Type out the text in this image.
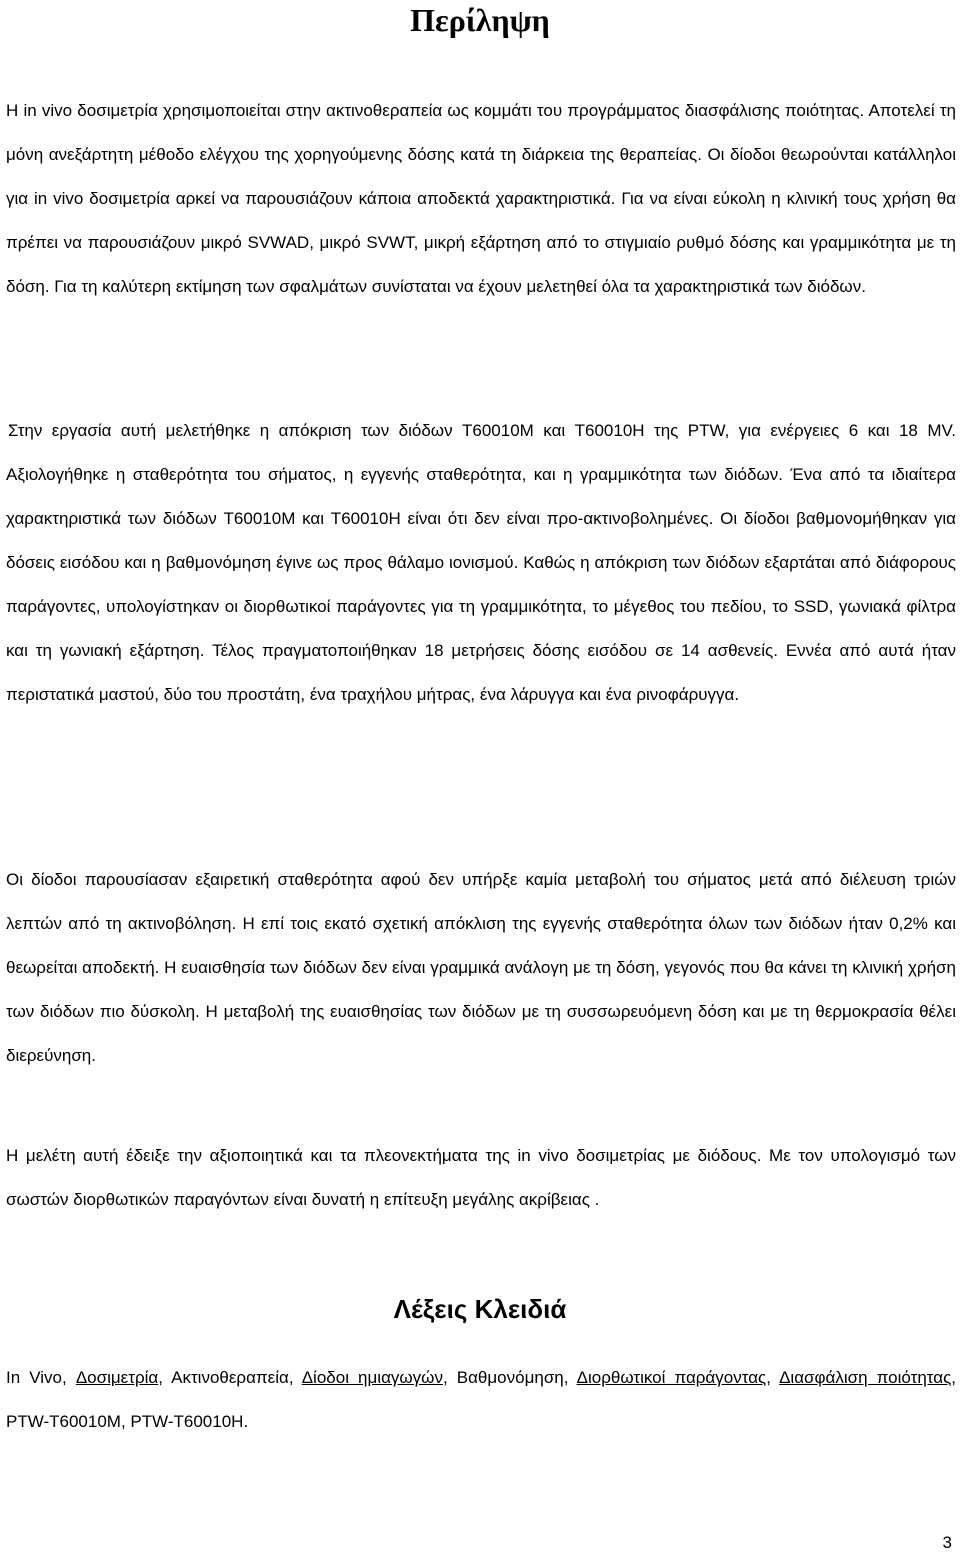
Περίληψη

Η in vivo δοσιμετρία χρησιμοποιείται στην ακτινοθεραπεία ως κομμάτι του προγράμματος διασφάλισης ποιότητας. Αποτελεί τη μόνη ανεξάρτητη μέθοδο ελέγχου της χορηγούμενης δόσης κατά τη διάρκεια της θεραπείας. Οι δίοδοι θεωρούνται κατάλληλοι για in vivo δοσιμετρία αρκεί να παρουσιάζουν κάποια αποδεκτά χαρακτηριστικά. Για να είναι εύκολη η κλινική τους χρήση θα πρέπει να παρουσιάζουν μικρό SVWAD, μικρό SVWT, μικρή εξάρτηση από το στιγμιαίο ρυθμό δόσης και γραμμικότητα με τη δόση. Για τη καλύτερη εκτίμηση των σφαλμάτων συνίσταται να έχουν μελετηθεί όλα τα χαρακτηριστικά των διόδων.

Στην εργασία αυτή μελετήθηκε η απόκριση των διόδων T60010M και T60010H της PTW, για ενέργειες 6 και 18 MV. Αξιολογήθηκε η σταθερότητα του σήματος, η εγγενής σταθερότητα, και η γραμμικότητα των διόδων. Ένα από τα ιδιαίτερα χαρακτηριστικά των διόδων T60010M και T60010H είναι ότι δεν είναι προ-ακτινοβολημένες. Οι δίοδοι βαθμονομήθηκαν για δόσεις εισόδου και η βαθμονόμηση έγινε ως προς θάλαμο ιονισμού. Καθώς η απόκριση των διόδων εξαρτάται από διάφορους παράγοντες, υπολογίστηκαν οι διορθωτικοί παράγοντες για τη γραμμικότητα, το μέγεθος του πεδίου, το SSD, γωνιακά φίλτρα και τη γωνιακή εξάρτηση. Τέλος πραγματοποιήθηκαν 18 μετρήσεις δόσης εισόδου σε 14 ασθενείς. Εννέα από αυτά ήταν περιστατικά μαστού, δύο του προστάτη, ένα τραχήλου μήτρας, ένα λάρυγγα και ένα ρινοφάρυγγα.

Οι δίοδοι παρουσίασαν εξαιρετική σταθερότητα αφού δεν υπήρξε καμία μεταβολή του σήματος μετά από διέλευση τριών λεπτών από τη ακτινοβόληση. Η επί τοις εκατό σχετική απόκλιση της εγγενής σταθερότητα όλων των διόδων ήταν 0,2% και θεωρείται αποδεκτή. Η ευαισθησία των διόδων δεν είναι γραμμικά ανάλογη με τη δόση, γεγονός που θα κάνει τη κλινική χρήση των διόδων πιο δύσκολη. Η μεταβολή της ευαισθησίας των διόδων με τη συσσωρευόμενη δόση και με τη θερμοκρασία θέλει διερεύνηση.

Η μελέτη αυτή έδειξε την αξιοποιητικά και τα πλεονεκτήματα της in vivo δοσιμετρίας με διόδους. Με τον υπολογισμό των σωστών διορθωτικών παραγόντων είναι δυνατή η επίτευξη μεγάλης ακρίβειας .

Λέξεις Κλειδιά

In Vivo, Δοσιμετρία, Ακτινοθεραπεία, Δίοδοι ημιαγωγών, Βαθμονόμηση, Διορθωτικοί παράγοντας, Διασφάλιση ποιότητας, PTW-T60010M, PTW-T60010H.

3
